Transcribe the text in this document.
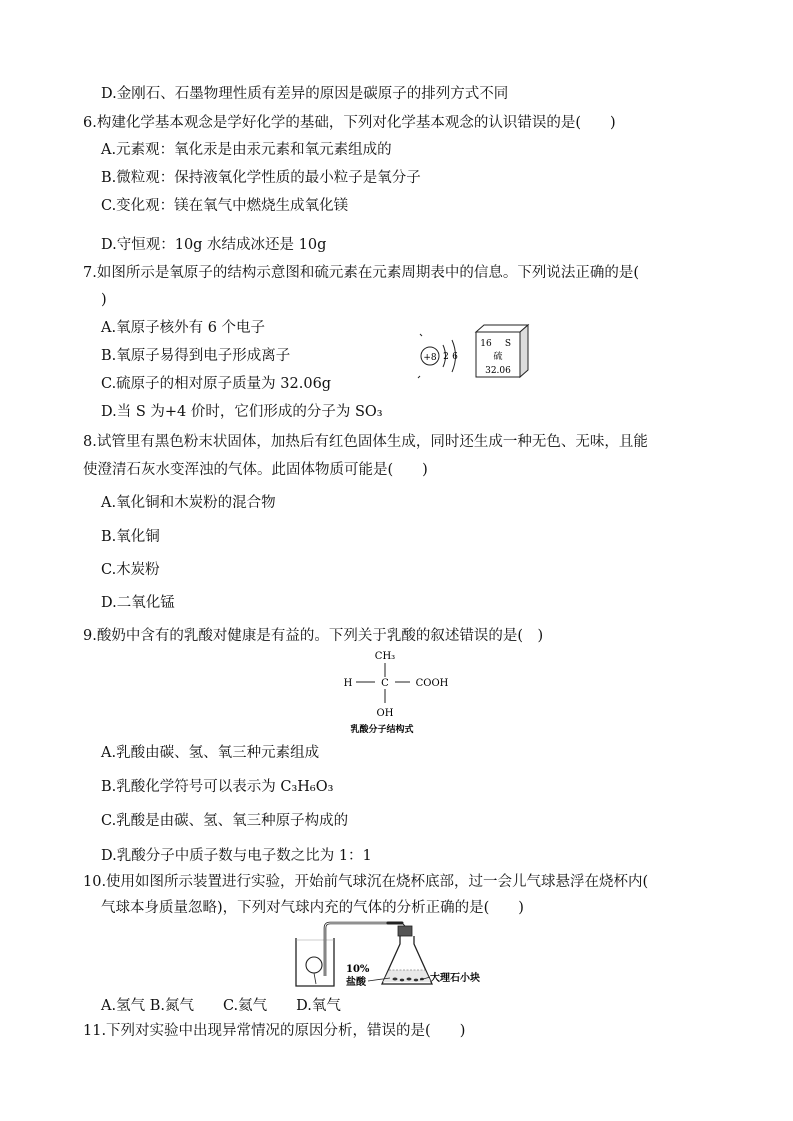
D.金刚石、石墨物理性质有差异的原因是碳原子的排列方式不同
6.构建化学基本观念是学好化学的基础，下列对化学基本观念的认识错误的是(　　)
A.元素观：氧化汞是由汞元素和氧元素组成的
B.微粒观：保持液氧化学性质的最小粒子是氧分子
C.变化观：镁在氧气中燃烧生成氧化镁
D.守恒观：10g 水结成冰还是 10g
7.如图所示是氧原子的结构示意图和硫元素在元素周期表中的信息。下列说法正确的是(
)
A.氧原子核外有 6 个电子
B.氧原子易得到电子形成离子
C.硫原子的相对原子质量为 32.06g
D.当 S 为+4 价时，它们形成的分子为 SO₃
+8 2 6
16 S
硫
32.06
8.试管里有黑色粉末状固体，加热后有红色固体生成，同时还生成一种无色、无味，且能
使澄清石灰水变浑浊的气体。此固体物质可能是(　　)
A.氧化铜和木炭粉的混合物
B.氧化铜
C.木炭粉
D.二氧化锰
9.酸奶中含有的乳酸对健康是有益的。下列关于乳酸的叙述错误的是(　)
CH₃
H	C	COOH
OH
乳酸分子结构式
A.乳酸由碳、氢、氧三种元素组成
B.乳酸化学符号可以表示为 C₃H₆O₃
C.乳酸是由碳、氢、氧三种原子构成的
D.乳酸分子中质子数与电子数之比为 1：1
10.使用如图所示装置进行实验，开始前气球沉在烧杯底部，过一会儿气球悬浮在烧杯内(
气球本身质量忽略)，下列对气球内充的气体的分析正确的是(　　)
10%
盐酸	大理石小块
A.氢气 B.氮气　　C.氦气　　D.氧气
11.下列对实验中出现异常情况的原因分析，错误的是(　　)
